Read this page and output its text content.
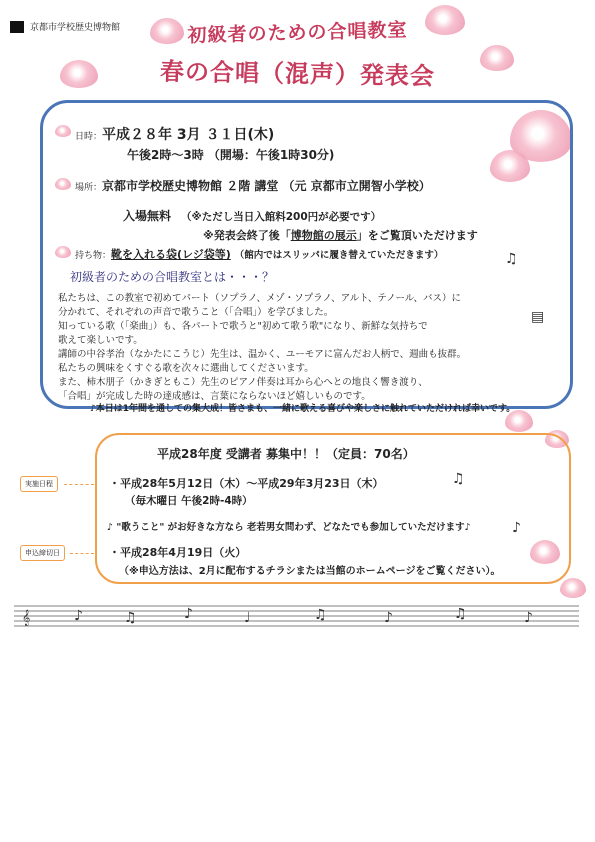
京都市学校歴史博物館	初級者のための合唱教室
春の合唱（混声）発表会
日時： 平成２８年 3月 ３１日(木)
午後2時～3時 （開場：午後1時30分)
場所： 京都市学校歴史博物館 ２階 講堂 （元 京都市立開智小学校）
入場無料 （※ただし当日入館料200円が必要です）
※発表会終了後「 博物館の展示 」をご覧頂いただけます
持ち物： 靴を入れる袋(レジ袋等) （館内ではスリッパに履き替えていただきます）	♫
▤
初級者のための合唱教室とは・・・？
私たちは、この教室で初めてパート（ソプラノ、メゾ・ソプラノ、アルト、テノール、バス）に
分かれて、それぞれの声音で歌うこと（「合唱」）を学びました。
知っている歌（「楽曲」）も、各パートで歌うと"初めて歌う歌"になり、新鮮な気持ちで
歌えて楽しいです。
講師の中谷孝治（なかたにこうじ）先生は、温かく、ユーモアに富んだお人柄で、週曲も抜群。
私たちの興味をくすぐる歌を次々に選曲してくださいます。
また、柿木朋子（かきぎともこ）先生のピアノ伴奏は耳から心へとの地良く響き渡り、
「合唱」が完成した時の達成感は、言葉にならないほど嬉しいものです。
♪本日は1年間を通しての集大成！皆さまも、一緒に歌える喜びや楽しさに触れていただければ幸いです。
平成28年度 受講者 募集中！！（定員：70名）
・平成28年5月12日（木）～平成29年3月23日（木）
（毎木曜日 午後2時-4時）
♪ "歌うこと" がお好きな方なら 老若男女問わず、どなたでも参加していただけます♪
・平成28年4月19日（火）
（※申込方法は、2月に配布するチラシまたは当館のホームページをご覧ください）。
♫
♪
実施日程
申込締切日
𝄞	♪	♫	♪	♩	♫	♪	♫	♪
